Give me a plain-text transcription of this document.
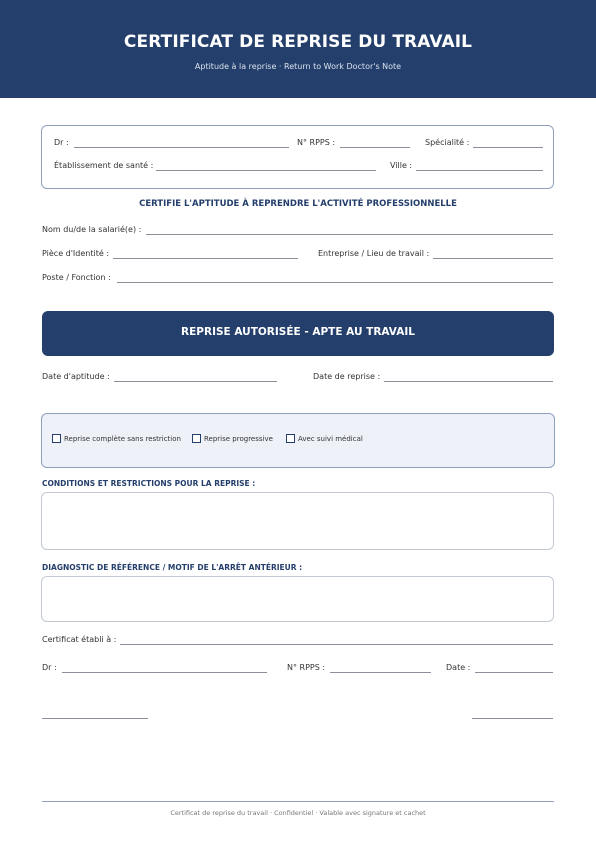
CERTIFICAT DE REPRISE DU TRAVAIL
Aptitude à la reprise · Return to Work Doctor's Note
Dr :	N° RPPS :	Spécialité :
Établissement de santé :	Ville :
CERTIFIE L'APTITUDE À REPRENDRE L'ACTIVITÉ PROFESSIONNELLE
Nom du/de la salarié(e) :
Pièce d'Identité :	Entreprise / Lieu de travail :
Poste / Fonction :
REPRISE AUTORISÉE - APTE AU TRAVAIL
Date d'aptitude :	Date de reprise :
Reprise complète sans restriction	Reprise progressive	Avec suivi médical
CONDITIONS ET RESTRICTIONS POUR LA REPRISE :
DIAGNOSTIC DE RÉFÉRENCE / MOTIF DE L'ARRÊT ANTÉRIEUR :
Certificat établi à :
Dr :	N° RPPS :	Date :
Certificat de reprise du travail · Confidentiel · Valable avec signature et cachet
